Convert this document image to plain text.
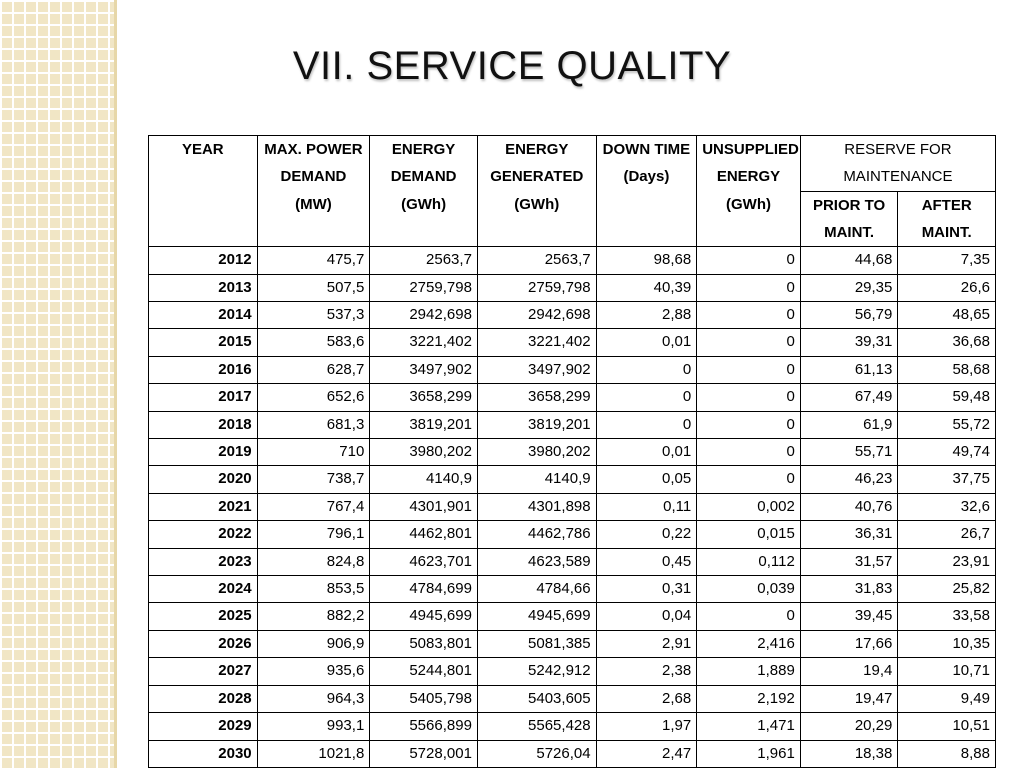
VII. SERVICE QUALITY
YEAR	MAX. POWER DEMAND (MW)	ENERGY DEMAND (GWh)	ENERGY GENERATED (GWh)	DOWN TIME (Days)	UNSUPPLIED ENERGY (GWh)	RESERVE FOR MAINTENANCE	
						PRIOR TO MAINT.	AFTER MAINT.
2012	475,7	2563,7	2563,7	98,68	0	44,68	7,35
2013	507,5	2759,798	2759,798	40,39	0	29,35	26,6
2014	537,3	2942,698	2942,698	2,88	0	56,79	48,65
2015	583,6	3221,402	3221,402	0,01	0	39,31	36,68
2016	628,7	3497,902	3497,902	0	0	61,13	58,68
2017	652,6	3658,299	3658,299	0	0	67,49	59,48
2018	681,3	3819,201	3819,201	0	0	61,9	55,72
2019	710	3980,202	3980,202	0,01	0	55,71	49,74
2020	738,7	4140,9	4140,9	0,05	0	46,23	37,75
2021	767,4	4301,901	4301,898	0,11	0,002	40,76	32,6
2022	796,1	4462,801	4462,786	0,22	0,015	36,31	26,7
2023	824,8	4623,701	4623,589	0,45	0,112	31,57	23,91
2024	853,5	4784,699	4784,66	0,31	0,039	31,83	25,82
2025	882,2	4945,699	4945,699	0,04	0	39,45	33,58
2026	906,9	5083,801	5081,385	2,91	2,416	17,66	10,35
2027	935,6	5244,801	5242,912	2,38	1,889	19,4	10,71
2028	964,3	5405,798	5403,605	2,68	2,192	19,47	9,49
2029	993,1	5566,899	5565,428	1,97	1,471	20,29	10,51
2030	1021,8	5728,001	5726,04	2,47	1,961	18,38	8,88
